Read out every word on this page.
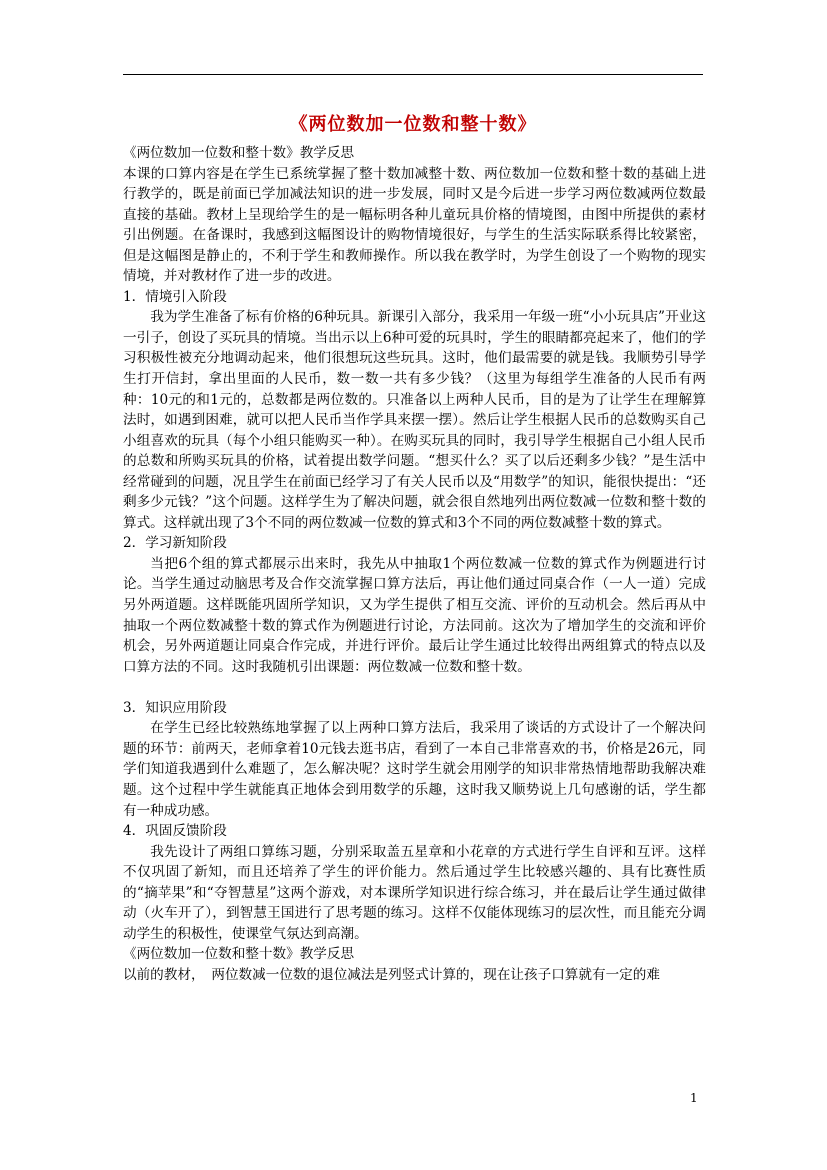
《两位数加一位数和整十数》

《两位数加一位数和整十数》教学反思

本课的口算内容是在学生已系统掌握了整十数加减整十数、两位数加一位数和整十数的基础上进行教学的，既是前面已学加减法知识的进一步发展，同时又是今后进一步学习两位数减两位数最直接的基础。教材上呈现给学生的是一幅标明各种儿童玩具价格的情境图，由图中所提供的素材引出例题。在备课时，我感到这幅图设计的购物情境很好，与学生的生活实际联系得比较紧密，但是这幅图是静止的，不利于学生和教师操作。所以我在教学时，为学生创设了一个购物的现实情境，并对教材作了进一步的改进。

1．情境引入阶段

我为学生准备了标有价格的6种玩具。新课引入部分，我采用一年级一班“小小玩具店”开业这一引子，创设了买玩具的情境。当出示以上6种可爱的玩具时，学生的眼睛都亮起来了，他们的学习积极性被充分地调动起来，他们很想玩这些玩具。这时，他们最需要的就是钱。我顺势引导学生打开信封，拿出里面的人民币，数一数一共有多少钱？（这里为每组学生准备的人民币有两种：10元的和1元的，总数都是两位数的。只准备以上两种人民币，目的是为了让学生在理解算法时，如遇到困难，就可以把人民币当作学具来摆一摆）。然后让学生根据人民币的总数购买自己小组喜欢的玩具（每个小组只能购买一种）。在购买玩具的同时，我引导学生根据自己小组人民币的总数和所购买玩具的价格，试着提出数学问题。“想买什么？买了以后还剩多少钱？”是生活中经常碰到的问题，况且学生在前面已经学习了有关人民币以及“用数学”的知识，能很快提出：“还剩多少元钱？”这个问题。这样学生为了解决问题，就会很自然地列出两位数减一位数和整十数的算式。这样就出现了3个不同的两位数减一位数的算式和3个不同的两位数减整十数的算式。

2．学习新知阶段

当把6个组的算式都展示出来时，我先从中抽取1个两位数减一位数的算式作为例题进行讨论。当学生通过动脑思考及合作交流掌握口算方法后，再让他们通过同桌合作（一人一道）完成另外两道题。这样既能巩固所学知识，又为学生提供了相互交流、评价的互动机会。然后再从中抽取一个两位数减整十数的算式作为例题进行讨论，方法同前。这次为了增加学生的交流和评价机会，另外两道题让同桌合作完成，并进行评价。最后让学生通过比较得出两组算式的特点以及口算方法的不同。这时我随机引出课题：两位数减一位数和整十数。

3．知识应用阶段

在学生已经比较熟练地掌握了以上两种口算方法后，我采用了谈话的方式设计了一个解决问题的环节：前两天，老师拿着10元钱去逛书店，看到了一本自己非常喜欢的书，价格是26元，同学们知道我遇到什么难题了，怎么解决呢？这时学生就会用刚学的知识非常热情地帮助我解决难题。这个过程中学生就能真正地体会到用数学的乐趣，这时我又顺势说上几句感谢的话，学生都有一种成功感。

4．巩固反馈阶段

我先设计了两组口算练习题，分别采取盖五星章和小花章的方式进行学生自评和互评。这样不仅巩固了新知，而且还培养了学生的评价能力。然后通过学生比较感兴趣的、具有比赛性质的“摘苹果”和“夺智慧星”这两个游戏，对本课所学知识进行综合练习，并在最后让学生通过做律动（火车开了），到智慧王国进行了思考题的练习。这样不仅能体现练习的层次性，而且能充分调动学生的积极性，使课堂气氛达到高潮。

《两位数加一位数和整十数》教学反思

以前的教材，　两位数减一位数的退位减法是列竖式计算的，现在让孩子口算就有一定的难

1
